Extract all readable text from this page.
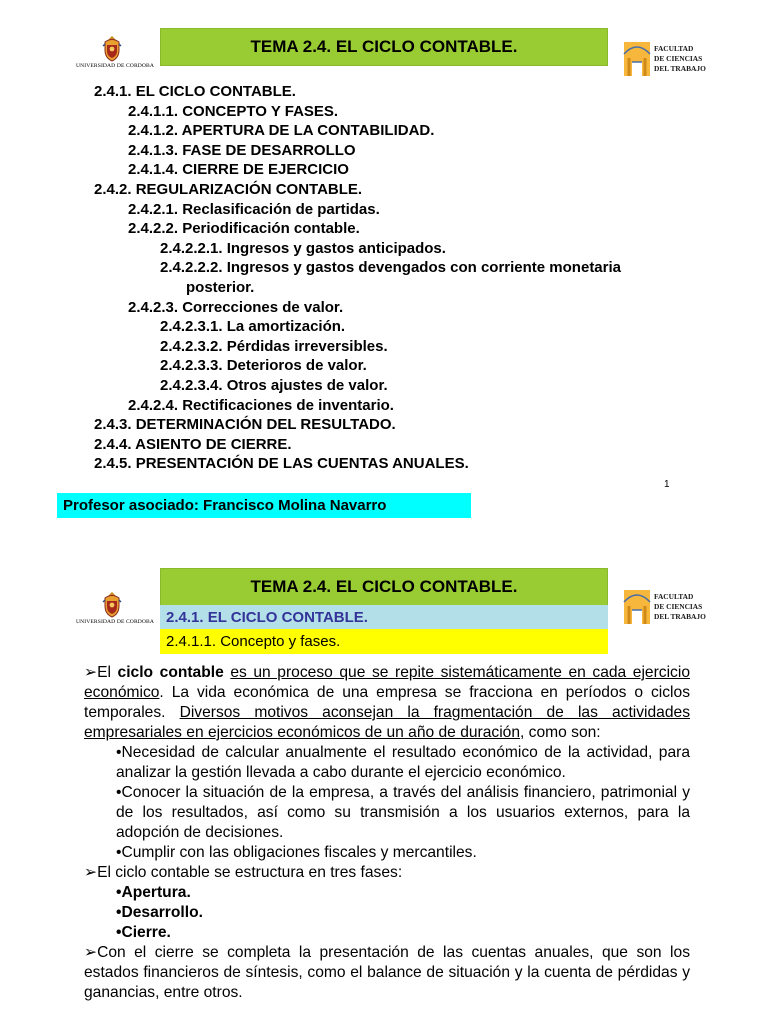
UNIVERSIDAD DE CORDOBA
TEMA 2.4. EL CICLO CONTABLE.	FACULTAD
DE CIENCIAS
DEL TRABAJO
2.4.1. EL CICLO CONTABLE.
2.4.1.1. CONCEPTO Y FASES.
2.4.1.2. APERTURA DE LA CONTABILIDAD.
2.4.1.3. FASE DE DESARROLLO
2.4.1.4. CIERRE DE EJERCICIO
2.4.2. REGULARIZACIÓN CONTABLE.
2.4.2.1. Reclasificación de partidas.
2.4.2.2. Periodificación contable.
2.4.2.2.1. Ingresos y gastos anticipados.
2.4.2.2.2. Ingresos y gastos devengados con corriente monetaria
posterior.
2.4.2.3. Correcciones de valor.
2.4.2.3.1. La amortización.
2.4.2.3.2. Pérdidas irreversibles.
2.4.2.3.3. Deterioros de valor.
2.4.2.3.4. Otros ajustes de valor.
2.4.2.4. Rectificaciones de inventario.
2.4.3. DETERMINACIÓN DEL RESULTADO.
2.4.4. ASIENTO DE CIERRE.
2.4.5. PRESENTACIÓN DE LAS CUENTAS ANUALES.
1
Profesor asociado: Francisco Molina Navarro
UNIVERSIDAD DE CORDOBA
TEMA 2.4. EL CICLO CONTABLE.
2.4.1. EL CICLO CONTABLE.
2.4.1.1. Concepto y fases.
FACULTAD
DE CIENCIAS
DEL TRABAJO

➢El ciclo contable es un proceso que se repite sistemáticamente en cada ejercicio económico. La vida económica de una empresa se fracciona en períodos o ciclos temporales. Diversos motivos aconsejan la fragmentación de las actividades empresariales en ejercicios económicos de un año de duración, como son:

•Necesidad de calcular anualmente el resultado económico de la actividad, para analizar la gestión llevada a cabo durante el ejercicio económico.

•Conocer la situación de la empresa, a través del análisis financiero, patrimonial y de los resultados, así como su transmisión a los usuarios externos, para la adopción de decisiones.

•Cumplir con las obligaciones fiscales y mercantiles.

➢El ciclo contable se estructura en tres fases:

•Apertura.

•Desarrollo.

•Cierre.

➢Con el cierre se completa la presentación de las cuentas anuales, que son los estados financieros de síntesis, como el balance de situación y la cuenta de pérdidas y ganancias, entre otros.
